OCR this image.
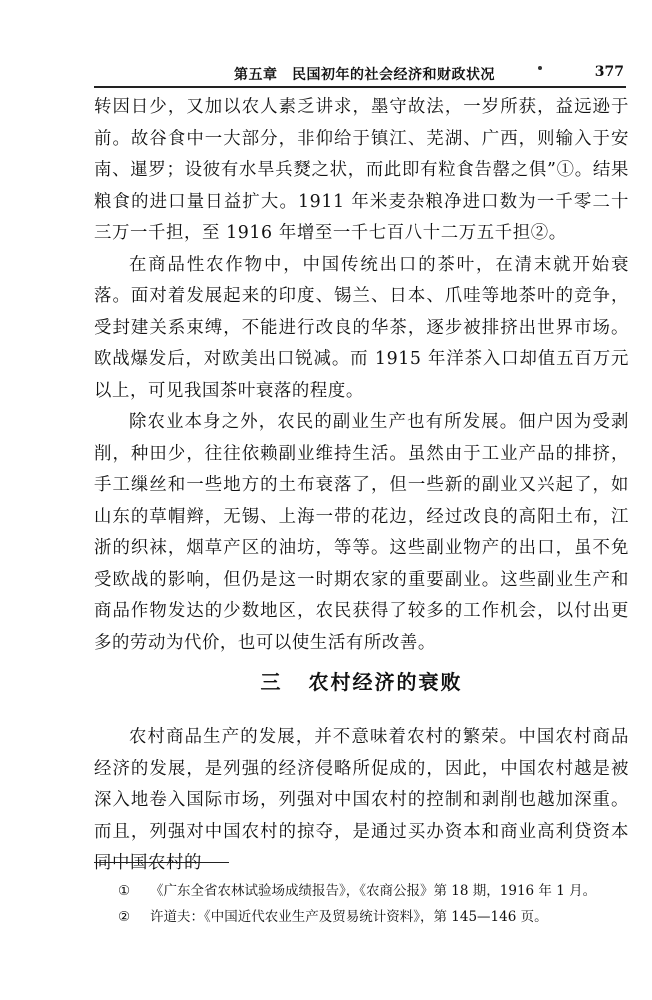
第五章　民国初年的社会经济和财政状况	377

转因日少，又加以农人素乏讲求，墨守故法，一岁所获，益远逊于前。故谷食中一大部分，非仰给于镇江、芜湖、广西，则输入于安南、暹罗；设彼有水旱兵燹之状，而此即有粒食告罄之俱”①。结果粮食的进口量日益扩大。1911 年米麦杂粮净进口数为一千零二十三万一千担，至 1916 年增至一千七百八十二万五千担②。

在商品性农作物中，中国传统出口的茶叶，在清末就开始衰落。面对着发展起来的印度、锡兰、日本、爪哇等地茶叶的竞争，受封建关系束缚，不能进行改良的华茶，逐步被排挤出世界市场。欧战爆发后，对欧美出口锐减。而 1915 年洋茶入口却值五百万元以上，可见我国茶叶衰落的程度。

除农业本身之外，农民的副业生产也有所发展。佃户因为受剥削，种田少，往往依赖副业维持生活。虽然由于工业产品的排挤，手工缫丝和一些地方的土布衰落了，但一些新的副业又兴起了，如山东的草帽辫，无锡、上海一带的花边，经过改良的高阳土布，江浙的织袜，烟草产区的油坊，等等。这些副业物产的出口，虽不免受欧战的影响，但仍是这一时期农家的重要副业。这些副业生产和商品作物发达的少数地区，农民获得了较多的工作机会，以付出更多的劳动为代价，也可以使生活有所改善。

三 农村经济的衰败

农村商品生产的发展，并不意味着农村的繁荣。中国农村商品经济的发展，是列强的经济侵略所促成的，因此，中国农村越是被深入地卷入国际市场，列强对中国农村的控制和剥削也越加深重。而且，列强对中国农村的掠夺，是通过买办资本和商业高利贷资本同中国农村的

① 《广东全省农林试验场成绩报告》，《农商公报》第 18 期，1916 年 1 月。
② 许道夫：《中国近代农业生产及贸易统计资料》，第 145—146 页。
